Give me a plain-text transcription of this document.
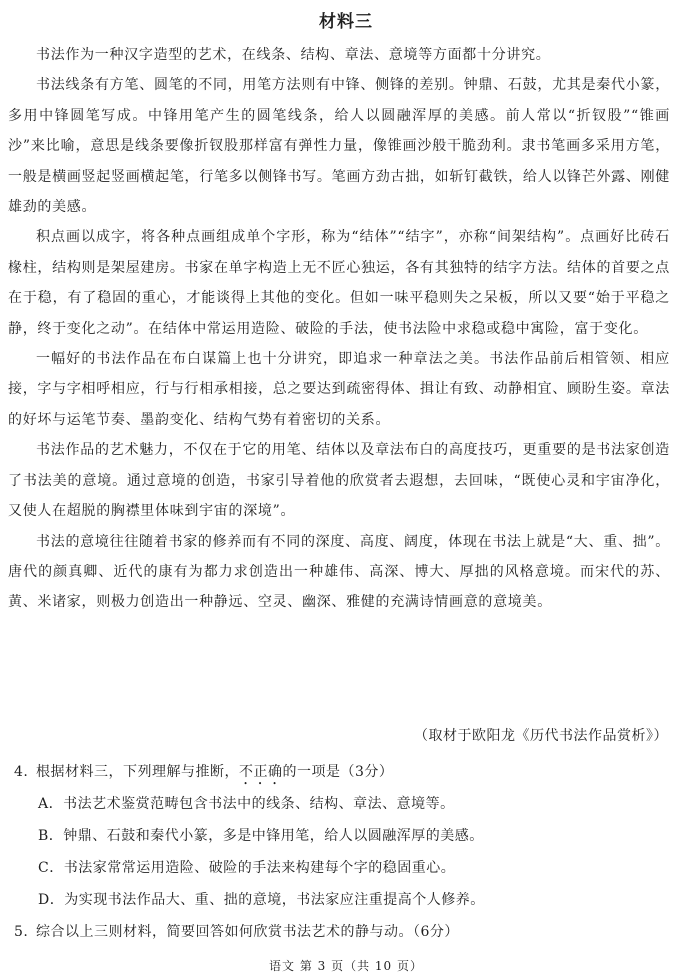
材料三

书法作为一种汉字造型的艺术，在线条、结构、章法、意境等方面都十分讲究。

书法线条有方笔、圆笔的不同，用笔方法则有中锋、侧锋的差别。钟鼎、石鼓，尤其是秦代小篆，多用中锋圆笔写成。中锋用笔产生的圆笔线条，给人以圆融浑厚的美感。前人常以“折钗股”“锥画沙”来比喻，意思是线条要像折钗股那样富有弹性力量，像锥画沙般干脆劲利。隶书笔画多采用方笔，一般是横画竖起竖画横起笔，行笔多以侧锋书写。笔画方劲古拙，如斩钉截铁，给人以锋芒外露、刚健雄劲的美感。

积点画以成字，将各种点画组成单个字形，称为“结体”“结字”，亦称“间架结构”。点画好比砖石椽柱，结构则是架屋建房。书家在单字构造上无不匠心独运，各有其独特的结字方法。结体的首要之点在于稳，有了稳固的重心，才能谈得上其他的变化。但如一味平稳则失之呆板，所以又要“始于平稳之静，终于变化之动”。在结体中常运用造险、破险的手法，使书法险中求稳或稳中寓险，富于变化。

一幅好的书法作品在布白谋篇上也十分讲究，即追求一种章法之美。书法作品前后相管领、相应接，字与字相呼相应，行与行相承相接，总之要达到疏密得体、揖让有致、动静相宜、顾盼生姿。章法的好坏与运笔节奏、墨韵变化、结构气势有着密切的关系。

书法作品的艺术魅力，不仅在于它的用笔、结体以及章法布白的高度技巧，更重要的是书法家创造了书法美的意境。通过意境的创造，书家引导着他的欣赏者去遐想，去回味，“既使心灵和宇宙净化，又使人在超脱的胸襟里体味到宇宙的深境”。

书法的意境往往随着书家的修养而有不同的深度、高度、阔度，体现在书法上就是“大、重、拙”。唐代的颜真卿、近代的康有为都力求创造出一种雄伟、高深、博大、厚拙的风格意境。而宋代的苏、黄、米诸家，则极力创造出一种静远、空灵、幽深、雅健的充满诗情画意的意境美。

（取材于欧阳龙《历代书法作品赏析》）
4. 根据材料三，下列理解与推断，不正确的一项是（3分）
A．书法艺术鉴赏范畴包含书法中的线条、结构、章法、意境等。
B．钟鼎、石鼓和秦代小篆，多是中锋用笔，给人以圆融浑厚的美感。
C．书法家常常运用造险、破险的手法来构建每个字的稳固重心。
D．为实现书法作品大、重、拙的意境，书法家应注重提高个人修养。
5. 综合以上三则材料，简要回答如何欣赏书法艺术的静与动。（6分）
语文 第 3 页（共 10 页）
